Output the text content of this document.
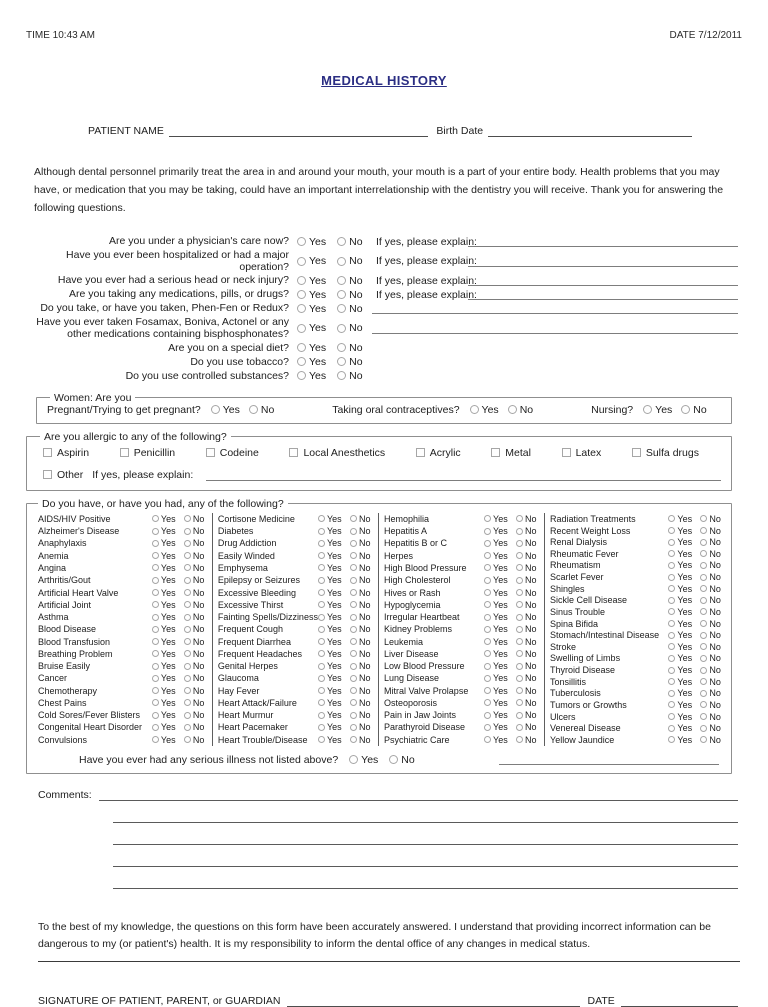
TIME 10:43 AM	DATE 7/12/2011
MEDICAL HISTORY
PATIENT NAME	Birth Date

Although dental personnel primarily treat the area in and around your mouth, your mouth is a part of your entire body. Health problems that you may have, or medication that you may be taking, could have an important interrelationship with the dentistry you will receive. Thank you for answering the following questions.

Are you under a physician's care now? Yes No	If yes, please explain:
Have you ever been hospitalized or had a major operation? Yes No	If yes, please explain:
Have you ever had a serious head or neck injury? Yes No	If yes, please explain:
Are you taking any medications, pills, or drugs? Yes No	If yes, please explain:
Do you take, or have you taken, Phen-Fen or Redux? Yes No
Have you ever taken Fosamax, Boniva, Actonel or any other medications containing bisphosphonates? Yes No
Are you on a special diet? Yes No
Do you use tobacco? Yes No
Do you use controlled substances? Yes No
Women: Are you
Pregnant/Trying to get pregnant? Yes No	Taking oral contraceptives? Yes No	Nursing? Yes No
Are you allergic to any of the following?
Aspirin	Penicillin	Codeine	Local Anesthetics	Acrylic	Metal	Latex	Sulfa drugs
Other If yes, please explain:
Do you have, or have you had, any of the following?
AIDS/HIV Positive	Yes No
Alzheimer's Disease	Yes No
Anaphylaxis	Yes No
Anemia	Yes No
Angina	Yes No
Arthritis/Gout	Yes No
Artificial Heart Valve	Yes No
Artificial Joint	Yes No
Asthma	Yes No
Blood Disease	Yes No
Blood Transfusion	Yes No
Breathing Problem	Yes No
Bruise Easily	Yes No
Cancer	Yes No
Chemotherapy	Yes No
Chest Pains	Yes No
Cold Sores/Fever Blisters	Yes No
Congenital Heart Disorder	Yes No
Convulsions	Yes No
Cortisone Medicine	Yes No
Diabetes	Yes No
Drug Addiction	Yes No
Easily Winded	Yes No
Emphysema	Yes No
Epilepsy or Seizures	Yes No
Excessive Bleeding	Yes No
Excessive Thirst	Yes No
Fainting Spells/Dizziness Yes No
Frequent Cough	Yes No
Frequent Diarrhea	Yes No
Frequent Headaches	Yes No
Genital Herpes	Yes No
Glaucoma	Yes No
Hay Fever	Yes No
Heart Attack/Failure	Yes No
Heart Murmur	Yes No
Heart Pacemaker	Yes No
Heart Trouble/Disease	Yes No
Hemophilia	Yes No
Hepatitis A	Yes No
Hepatitis B or C	Yes No
Herpes	Yes No
High Blood Pressure	Yes No
High Cholesterol	Yes No
Hives or Rash	Yes No
Hypoglycemia	Yes No
Irregular Heartbeat	Yes No
Kidney Problems	Yes No
Leukemia	Yes No
Liver Disease	Yes No
Low Blood Pressure	Yes No
Lung Disease	Yes No
Mitral Valve Prolapse	Yes No
Osteoporosis	Yes No
Pain in Jaw Joints	Yes No
Parathyroid Disease	Yes No
Psychiatric Care	Yes No
Radiation Treatments	Yes No
Recent Weight Loss	Yes No
Renal Dialysis	Yes No
Rheumatic Fever	Yes No
Rheumatism	Yes No
Scarlet Fever	Yes No
Shingles	Yes No
Sickle Cell Disease	Yes No
Sinus Trouble	Yes No
Spina Bifida	Yes No
Stomach/Intestinal Disease	Yes No
Stroke	Yes No
Swelling of Limbs	Yes No
Thyroid Disease	Yes No
Tonsillitis	Yes No
Tuberculosis	Yes No
Tumors or Growths	Yes No
Ulcers	Yes No
Venereal Disease	Yes No
Yellow Jaundice	Yes No
Have you ever had any serious illness not listed above? Yes No
Comments:

To the best of my knowledge, the questions on this form have been accurately answered. I understand that providing incorrect information can be dangerous to my (or patient's) health. It is my responsibility to inform the dental office of any changes in medical status.

SIGNATURE OF PATIENT, PARENT, or GUARDIAN	DATE
